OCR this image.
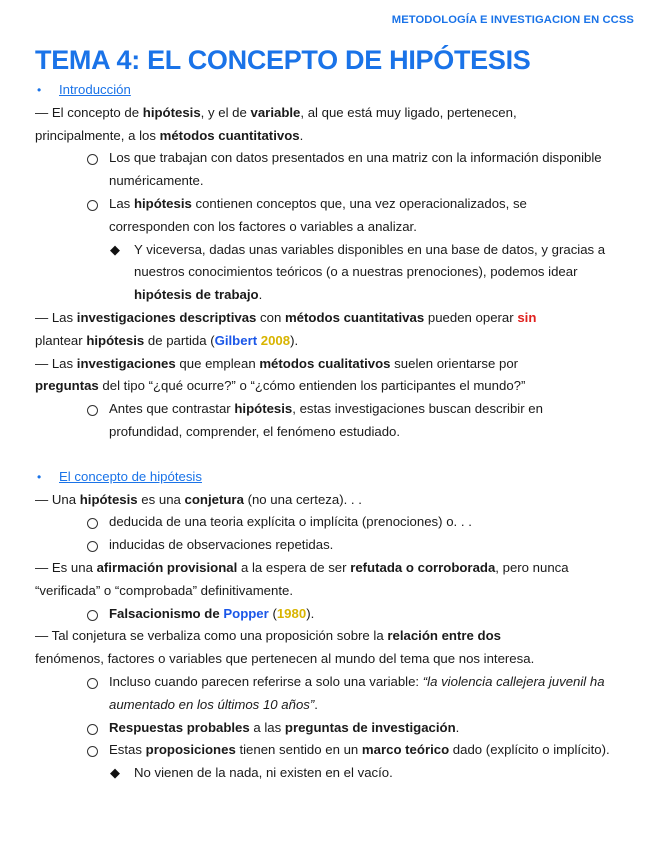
METODOLOGÍA E INVESTIGACION EN CCSS
TEMA 4: EL CONCEPTO DE HIPÓTESIS
•	Introducción
— El concepto de hipótesis, y el de variable, al que está muy ligado, pertenecen,
principalmente, a los métodos cuantitativos.
Los que trabajan con datos presentados en una matriz con la información disponible
numéricamente.
Las hipótesis contienen conceptos que, una vez operacionalizados, se
corresponden con los factores o variables a analizar.
◆ Y viceversa, dadas unas variables disponibles en una base de datos, y gracias a
nuestros conocimientos teóricos (o a nuestras prenociones), podemos idear
hipótesis de trabajo.
— Las investigaciones descriptivas con métodos cuantitativas pueden operar sin
plantear hipótesis de partida (Gilbert 2008).
— Las investigaciones que emplean métodos cualitativos suelen orientarse por
preguntas del tipo “¿qué ocurre?” o “¿cómo entienden los participantes el mundo?”
Antes que contrastar hipótesis, estas investigaciones buscan describir en
profundidad, comprender, el fenómeno estudiado.
•	El concepto de hipótesis
— Una hipótesis es una conjetura (no una certeza). . .
deducida de una teoria explícita o implícita (prenociones) o. . .
inducidas de observaciones repetidas.
— Es una afirmación provisional a la espera de ser refutada o corroborada, pero nunca
“verificada” o “comprobada” definitivamente.
Falsacionismo de Popper (1980).
— Tal conjetura se verbaliza como una proposición sobre la relación entre dos
fenómenos, factores o variables que pertenecen al mundo del tema que nos interesa.
Incluso cuando parecen referirse a solo una variable: “la violencia callejera juvenil ha
aumentado en los últimos 10 años”.
Respuestas probables a las preguntas de investigación.
Estas proposiciones tienen sentido en un marco teórico dado (explícito o implícito).
◆ No vienen de la nada, ni existen en el vacío.
